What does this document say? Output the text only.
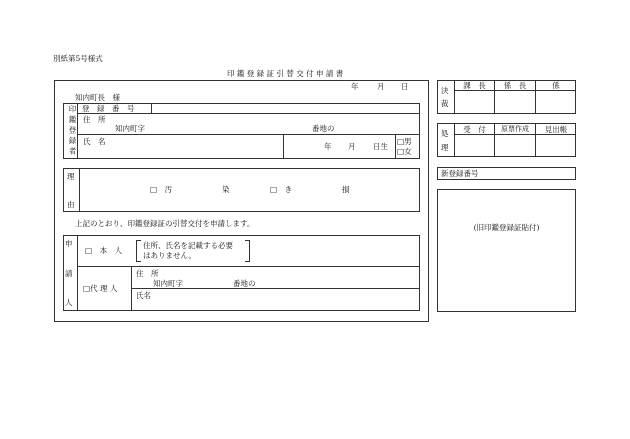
別紙第5号様式
印 鑑 登 録 証 引 替 交 付 申 請 書
年 月 日
知内町長　様
印鑑登録者 登　録　番　号
住　所
知内町字	番地の
氏　名
年 月 日生
□男
□女
理
由
□　汚	染	□　き	損
上記のとおり、印鑑登録証の引替交付を申請します。
申
請
人
□　本　人
住所、氏名を記載する必要
はありません。
□代 理 人
住　所
知内町字	番地の
氏名
決
裁
課　長	係　長	係
処
理
受　付	原票作成	見出帳
新登録番号
(旧印鑑登録証貼付)
